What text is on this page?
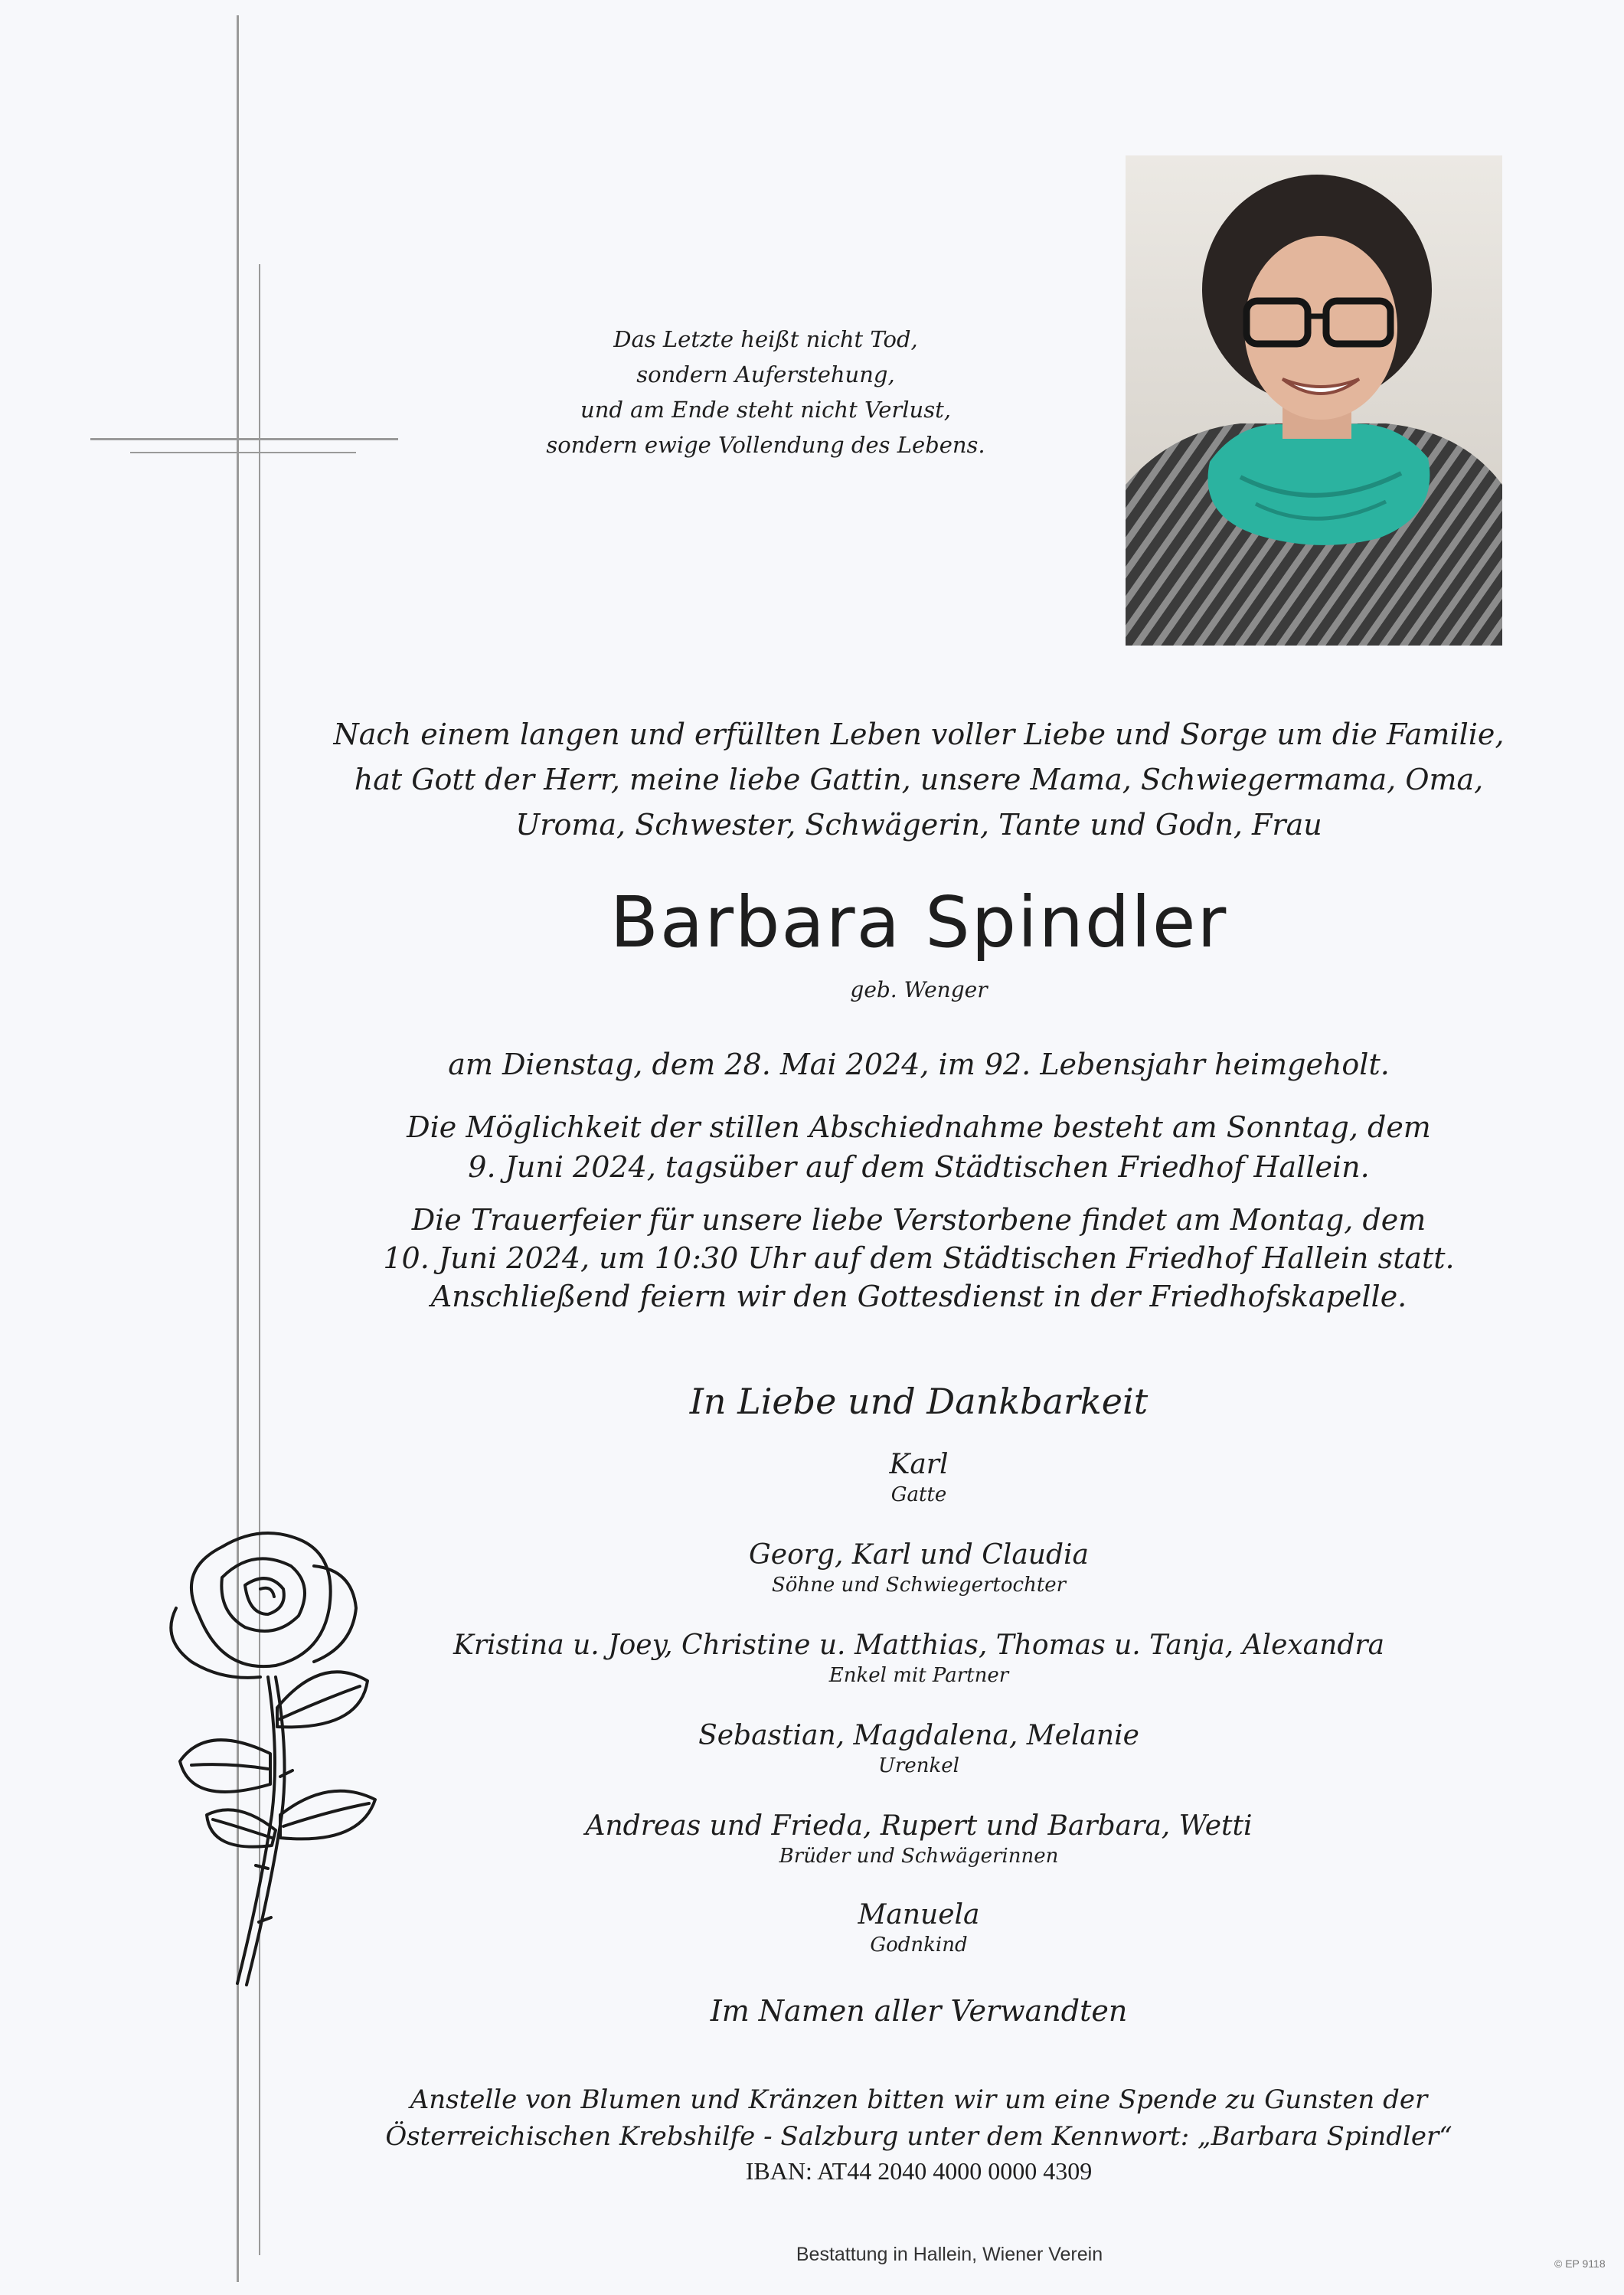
Das Letzte heißt nicht Tod,
sondern Auferstehung,
und am Ende steht nicht Verlust,
sondern ewige Vollendung des Lebens.
Nach einem langen und erfüllten Leben voller Liebe und Sorge um die Familie,
hat Gott der Herr, meine liebe Gattin, unsere Mama, Schwiegermama, Oma,
Uroma, Schwester, Schwägerin, Tante und Godn, Frau
Barbara Spindler
geb. Wenger
am Dienstag, dem 28. Mai 2024, im 92. Lebensjahr heimgeholt.
Die Möglichkeit der stillen Abschiednahme besteht am Sonntag, dem
9. Juni 2024, tagsüber auf dem Städtischen Friedhof Hallein.
Die Trauerfeier für unsere liebe Verstorbene findet am Montag, dem
10. Juni 2024, um 10:30 Uhr auf dem Städtischen Friedhof Hallein statt.
Anschließend feiern wir den Gottesdienst in der Friedhofskapelle.
In Liebe und Dankbarkeit
Karl
Gatte
Georg, Karl und Claudia
Söhne und Schwiegertochter
Kristina u. Joey, Christine u. Matthias, Thomas u. Tanja, Alexandra
Enkel mit Partner
Sebastian, Magdalena, Melanie
Urenkel
Andreas und Frieda, Rupert und Barbara, Wetti
Brüder und Schwägerinnen
Manuela
Godnkind
Im Namen aller Verwandten
Anstelle von Blumen und Kränzen bitten wir um eine Spende zu Gunsten der
Österreichischen Krebshilfe - Salzburg unter dem Kennwort: „Barbara Spindler“
IBAN: AT44 2040 4000 0000 4309
Bestattung in Hallein, Wiener Verein	© EP 9118
